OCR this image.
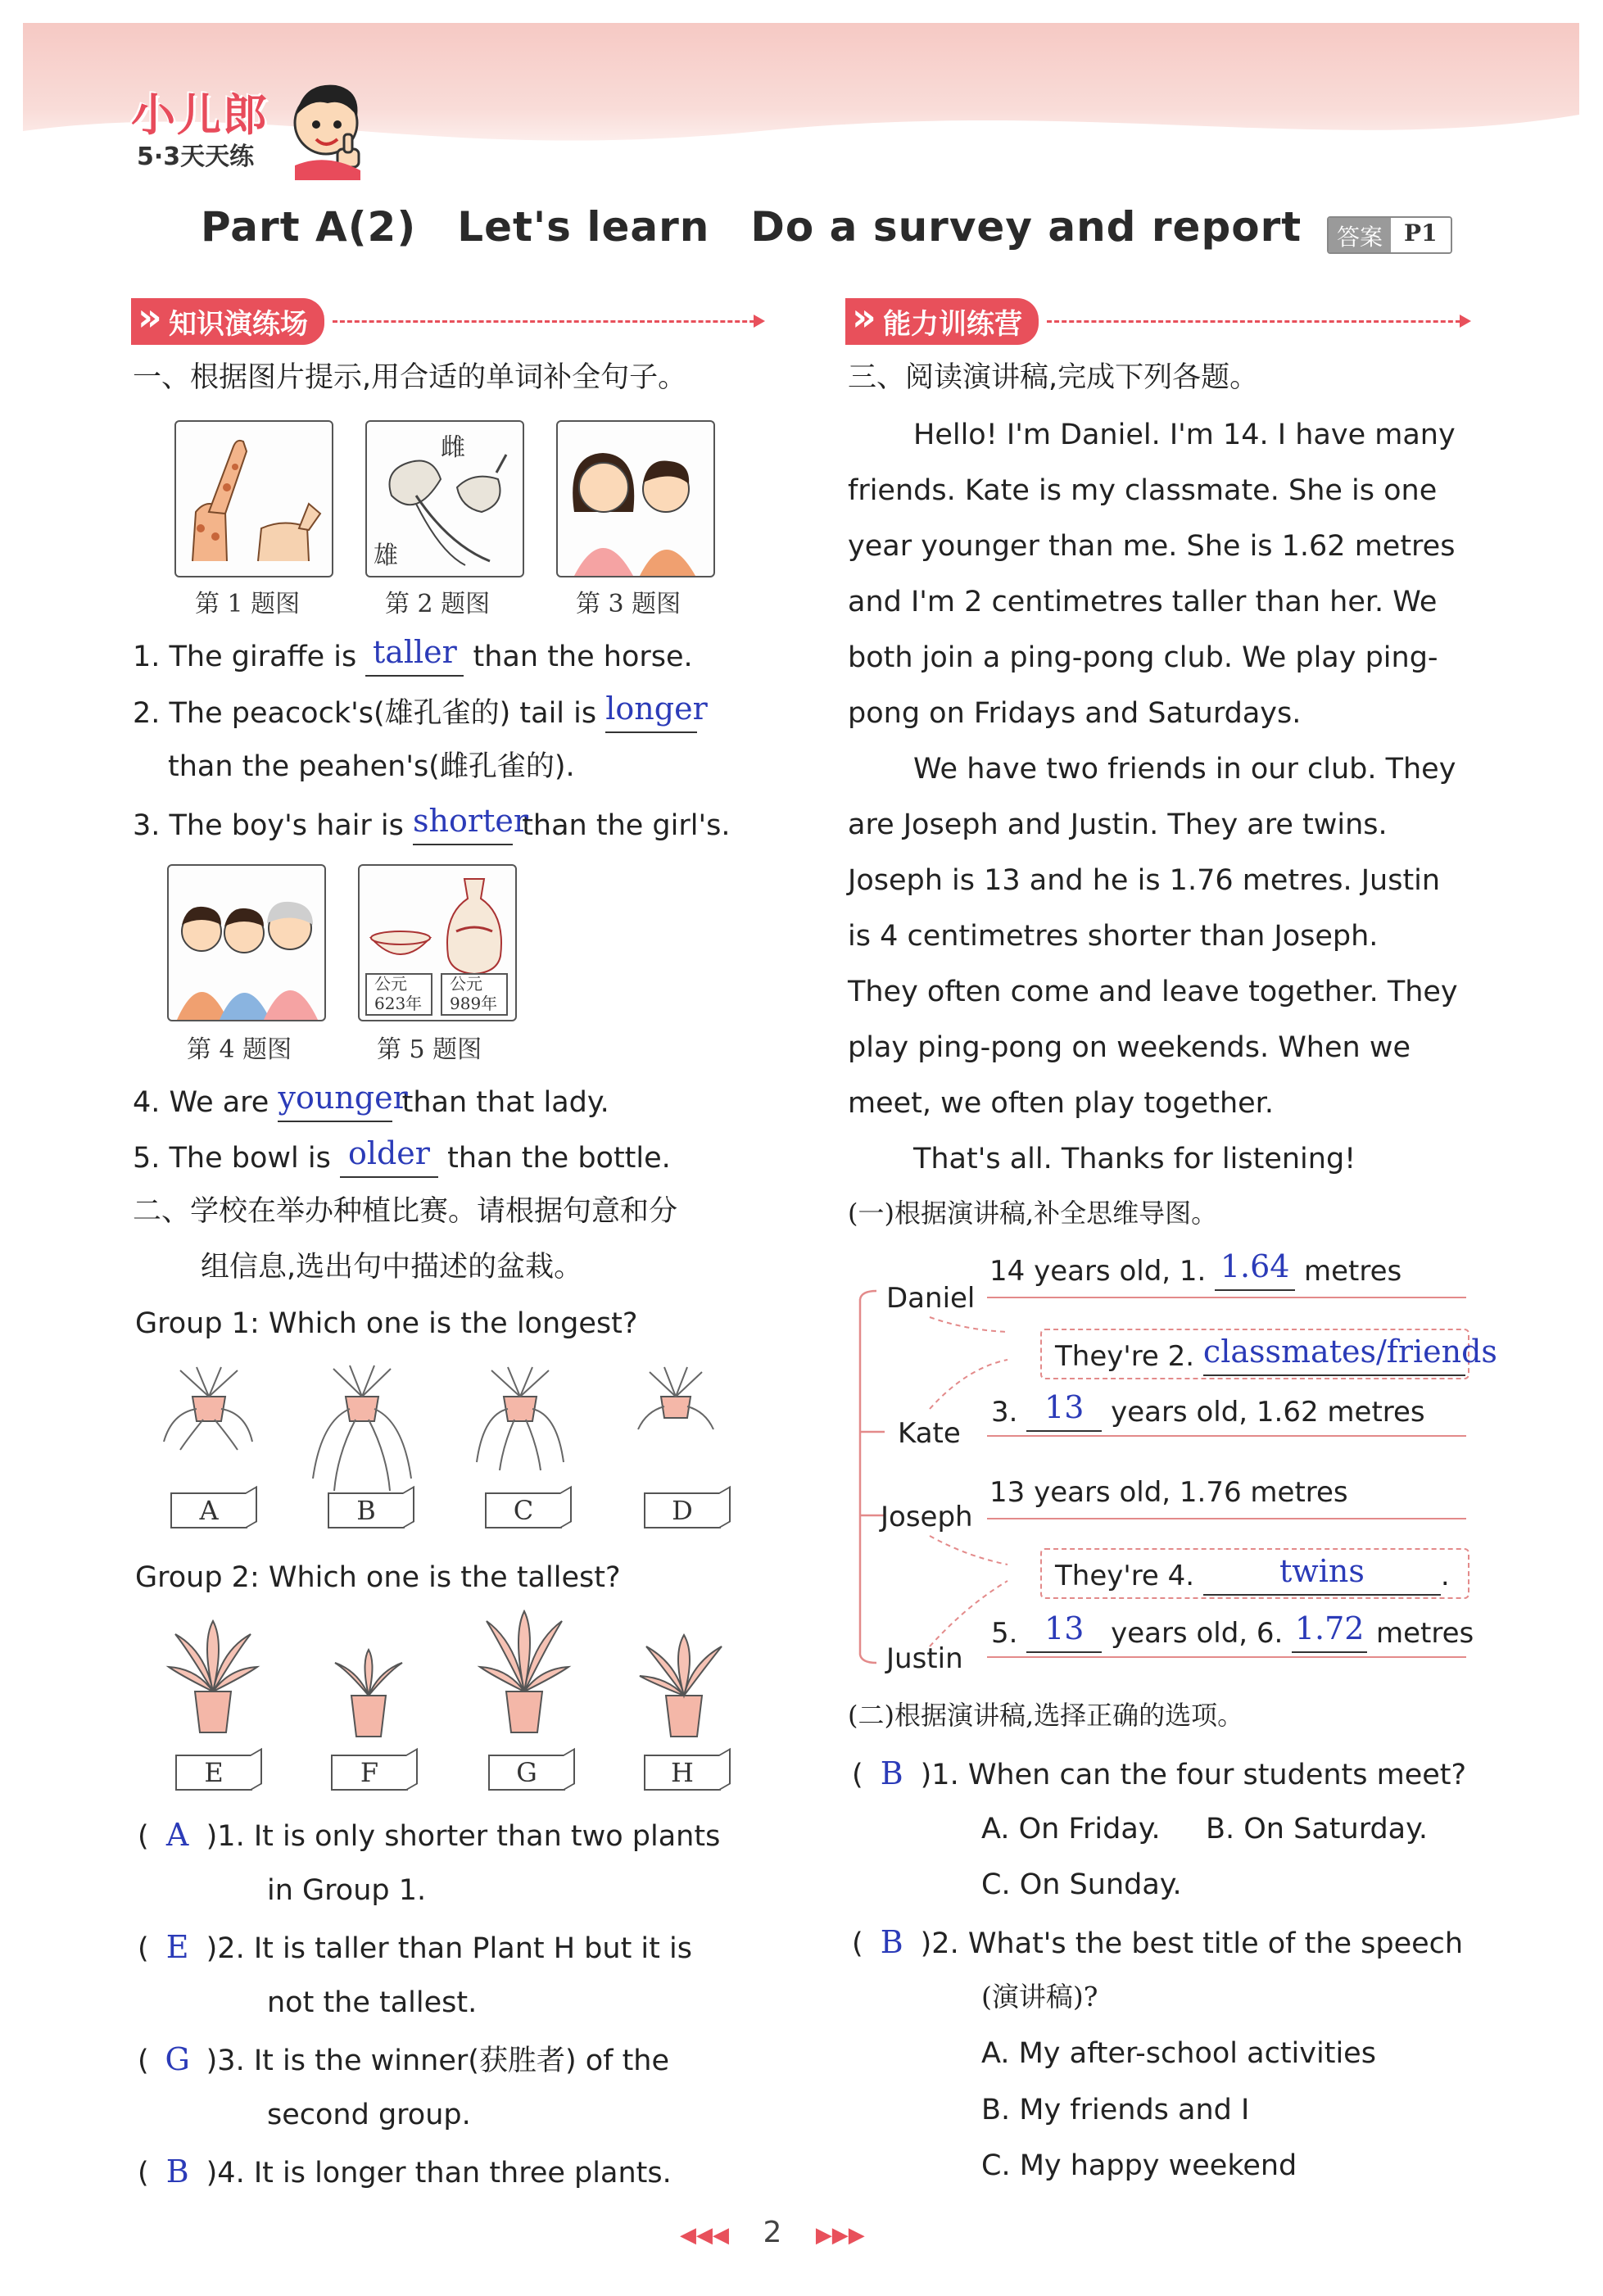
小儿郎
5·3天天练
Part A(2) Let's learn Do a survey and report	答案 P1
» 知识演练场
一、根据图片提示,用合适的单词补全句子。
雌
雄
第 1 题图	第 2 题图	第 3 题图
1. The giraffe is taller than the horse.
2. The peacock's(雄孔雀的) tail is longer
than the peahen's(雌孔雀的).
3. The boy's hair is shorter than the girl's.
公元
623年
公元
989年
第 4 题图	第 5 题图
4. We are younger than that lady.
5. The bowl is older than the bottle.
二、学校在举办种植比赛。请根据句意和分
组信息,选出句中描述的盆栽。
Group 1: Which one is the longest?
A	B	C	D
Group 2: Which one is the tallest?
E	F	G	H
( A )1. It is only shorter than two plants
in Group 1.
( E )2. It is taller than Plant H but it is
not the tallest.
( G )3. It is the winner(获胜者) of the
second group.
( B )4. It is longer than three plants.
» 能力训练营
三、阅读演讲稿,完成下列各题。
Hello! I'm Daniel. I'm 14. I have many
friends. Kate is my classmate. She is one
year younger than me. She is 1.62 metres
and I'm 2 centimetres taller than her. We
both join a ping-pong club. We play ping-
pong on Fridays and Saturdays.
We have two friends in our club. They
are Joseph and Justin. They are twins.
Joseph is 13 and he is 1.76 metres. Justin
is 4 centimetres shorter than Joseph.
They often come and leave together. They
play ping-pong on weekends. When we
meet, we often play together.
That's all. Thanks for listening!
(一)根据演讲稿,补全思维导图。
Daniel
Kate
Joseph
Justin
14 years old, 1. 1.64 metres
They're 2. classmates/friends
3. 13 years old, 1.62 metres
13 years old, 1.76 metres
They're 4.	twins	.
5. 13 years old, 6. 1.72 metres
(二)根据演讲稿,选择正确的选项。
( B )1. When can the four students meet?
A. On Friday. B. On Saturday.
C. On Sunday.
( B )2. What's the best title of the speech
(演讲稿)?
A. My after-school activities
B. My friends and I
C. My happy weekend
◀◀◀ 2 ▶▶▶
